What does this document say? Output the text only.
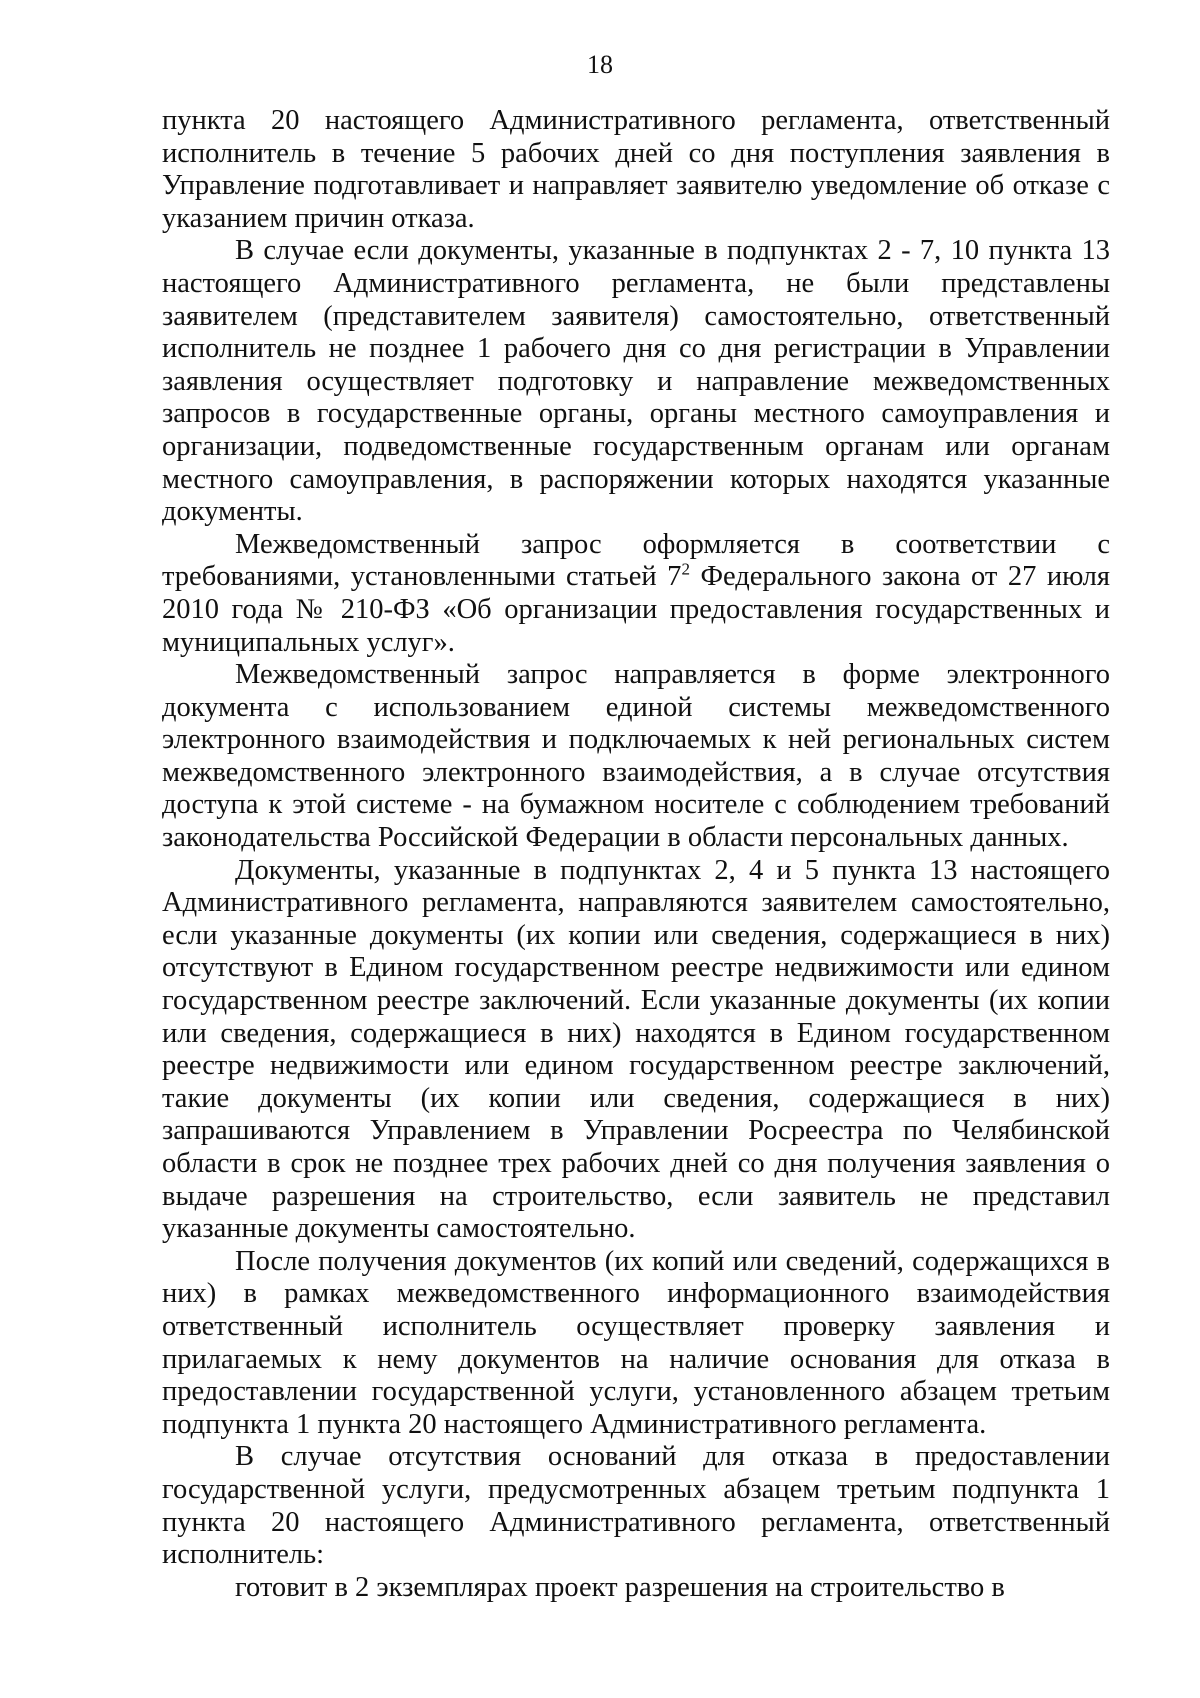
18

пункта 20 настоящего Административного регламента, ответственный исполнитель в течение 5 рабочих дней со дня поступления заявления в Управление подготавливает и направляет заявителю уведомление об отказе с указанием причин отказа.

В случае если документы, указанные в подпунктах 2 - 7, 10 пункта 13 настоящего Административного регламента, не были представлены заявителем (представителем заявителя) самостоятельно, ответственный исполнитель не позднее 1 рабочего дня со дня регистрации в Управлении заявления осуществляет подготовку и направление межведомственных запросов в государственные органы, органы местного самоуправления и организации, подведомственные государственным органам или органам местного самоуправления, в распоряжении которых находятся указанные документы.

Межведомственный запрос оформляется в соответствии с требованиями, установленными статьей $7^2$ Федерального закона от 27 июля 2010 года № 210-ФЗ «Об организации предоставления государственных и муниципальных услуг».

Межведомственный запрос направляется в форме электронного документа с использованием единой системы межведомственного электронного взаимодействия и подключаемых к ней региональных систем межведомственного электронного взаимодействия, а в случае отсутствия доступа к этой системе - на бумажном носителе с соблюдением требований законодательства Российской Федерации в области персональных данных.

Документы, указанные в подпунктах 2, 4 и 5 пункта 13 настоящего Административного регламента, направляются заявителем самостоятельно, если указанные документы (их копии или сведения, содержащиеся в них) отсутствуют в Едином государственном реестре недвижимости или едином государственном реестре заключений. Если указанные документы (их копии или сведения, содержащиеся в них) находятся в Едином государственном реестре недвижимости или едином государственном реестре заключений, такие документы (их копии или сведения, содержащиеся в них) запрашиваются Управлением в Управлении Росреестра по Челябинской области в срок не позднее трех рабочих дней со дня получения заявления о выдаче разрешения на строительство, если заявитель не представил указанные документы самостоятельно.

После получения документов (их копий или сведений, содержащихся в них) в рамках межведомственного информационного взаимодействия ответственный исполнитель осуществляет проверку заявления и прилагаемых к нему документов на наличие основания для отказа в предоставлении государственной услуги, установленного абзацем третьим подпункта 1 пункта 20 настоящего Административного регламента.

В случае отсутствия оснований для отказа в предоставлении государственной услуги, предусмотренных абзацем третьим подпункта 1 пункта 20 настоящего Административного регламента, ответственный исполнитель:

готовит в 2 экземплярах проект разрешения на строительство в
